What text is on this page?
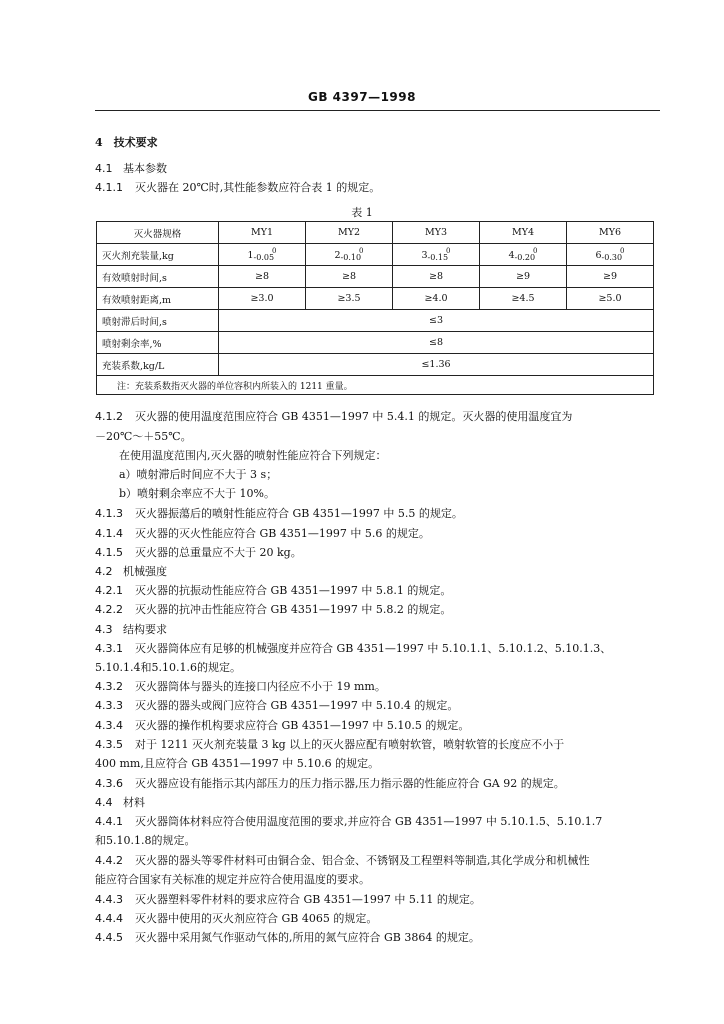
GB 4397—1998
4　技术要求
4.1 基本参数
4.1.1 灭火器在 20℃时,其性能参数应符合表 1 的规定。
表 1
灭火器规格	MY1	MY2	MY3	MY4	MY6
灭火剂充装量,kg	$1_{-0.05}^0$	$2_{-0.10}^0$	$3_{-0.15}^0$	$4_{-0.20}^0$	$6_{-0.30}^0$
有效喷射时间,s	≥8	≥8	≥8	≥9	≥9
有效喷射距离,m	≥3.0	≥3.5	≥4.0	≥4.5	≥5.0
喷射滞后时间,s	≤3				
喷射剩余率,%	≤8				
充装系数,kg/L	≤1.36				
注：充装系数指灭火器的单位容积内所装入的 1211 重量。					
4.1.2 灭火器的使用温度范围应符合 GB 4351—1997 中 5.4.1 的规定。灭火器的使用温度宜为
－20℃～＋55℃。
在使用温度范围内,灭火器的喷射性能应符合下列规定：
a）喷射滞后时间应不大于 3 s；
b）喷射剩余率应不大于 10%。
4.1.3 灭火器振蕩后的喷射性能应符合 GB 4351—1997 中 5.5 的规定。
4.1.4 灭火器的灭火性能应符合 GB 4351—1997 中 5.6 的规定。
4.1.5 灭火器的总重量应不大于 20 kg。
4.2 机械强度
4.2.1 灭火器的抗振动性能应符合 GB 4351—1997 中 5.8.1 的规定。
4.2.2 灭火器的抗冲击性能应符合 GB 4351—1997 中 5.8.2 的规定。
4.3 结构要求
4.3.1 灭火器筒体应有足够的机械强度并应符合 GB 4351—1997 中 5.10.1.1、5.10.1.2、5.10.1.3、
5.10.1.4和5.10.1.6的规定。
4.3.2 灭火器筒体与器头的连接口内径应不小于 19 mm。
4.3.3 灭火器的器头或阀门应符合 GB 4351—1997 中 5.10.4 的规定。
4.3.4 灭火器的操作机构要求应符合 GB 4351—1997 中 5.10.5 的规定。
4.3.5 对于 1211 灭火剂充装量 3 kg 以上的灭火器应配有喷射软管，喷射软管的长度应不小于
400 mm,且应符合 GB 4351—1997 中 5.10.6 的规定。
4.3.6 灭火器应设有能指示其内部压力的压力指示器,压力指示器的性能应符合 GA 92 的规定。
4.4 材料
4.4.1 灭火器筒体材料应符合使用温度范围的要求,并应符合 GB 4351—1997 中 5.10.1.5、5.10.1.7
和5.10.1.8的规定。
4.4.2 灭火器的器头等零件材料可由铜合金、铝合金、不锈钢及工程塑料等制造,其化学成分和机械性
能应符合国家有关标准的规定并应符合使用温度的要求。
4.4.3 灭火器塑料零件材料的要求应符合 GB 4351—1997 中 5.11 的规定。
4.4.4 灭火器中使用的灭火剂应符合 GB 4065 的规定。
4.4.5 灭火器中采用氮气作驱动气体的,所用的氮气应符合 GB 3864 的规定。
